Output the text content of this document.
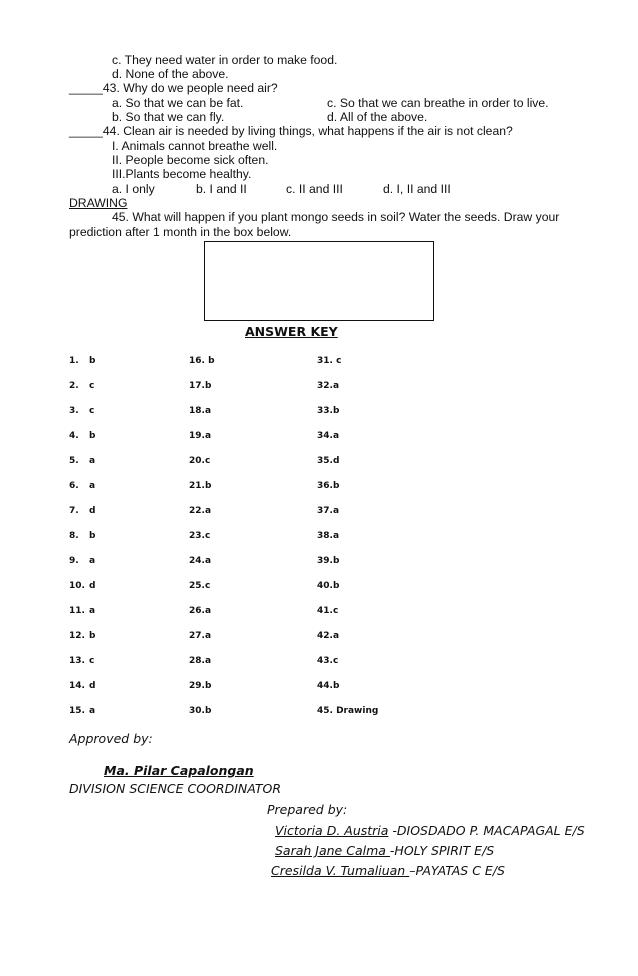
c. They need water in order to make food.
d. None of the above.
_____43. Why do we people need air?
a. So that we can be fat.	c. So that we can breathe in order to live.
b. So that we can fly.	d. All of the above.
_____44. Clean air is needed by living things, what happens if the air is not clean?
I. Animals cannot breathe well.
II. People become sick often.
III.Plants become healthy.
a. I only	b. I and II	c. II and III	d. I, II and III
DRAWING
45. What will happen if you plant mongo seeds in soil? Water the seeds. Draw your
prediction after 1 month in the box below.
ANSWER KEY
1. b	16. b	31. c
2. c	17.b	32.a
3. c	18.a	33.b
4. b	19.a	34.a
5. a	20.c	35.d
6. a	21.b	36.b
7. d	22.a	37.a
8. b	23.c	38.a
9. a	24.a	39.b
10. d	25.c	40.b
11. a	26.a	41.c
12. b	27.a	42.a
13. c	28.a	43.c
14. d	29.b	44.b
15. a	30.b	45. Drawing
Approved by:
Ma. Pilar Capalongan
DIVISION SCIENCE COORDINATOR
Prepared by:
Victoria D. Austria -DIOSDADO P. MACAPAGAL E/S
Sarah Jane Calma -HOLY SPIRIT E/S
Cresilda V. Tumaliuan –PAYATAS C E/S
